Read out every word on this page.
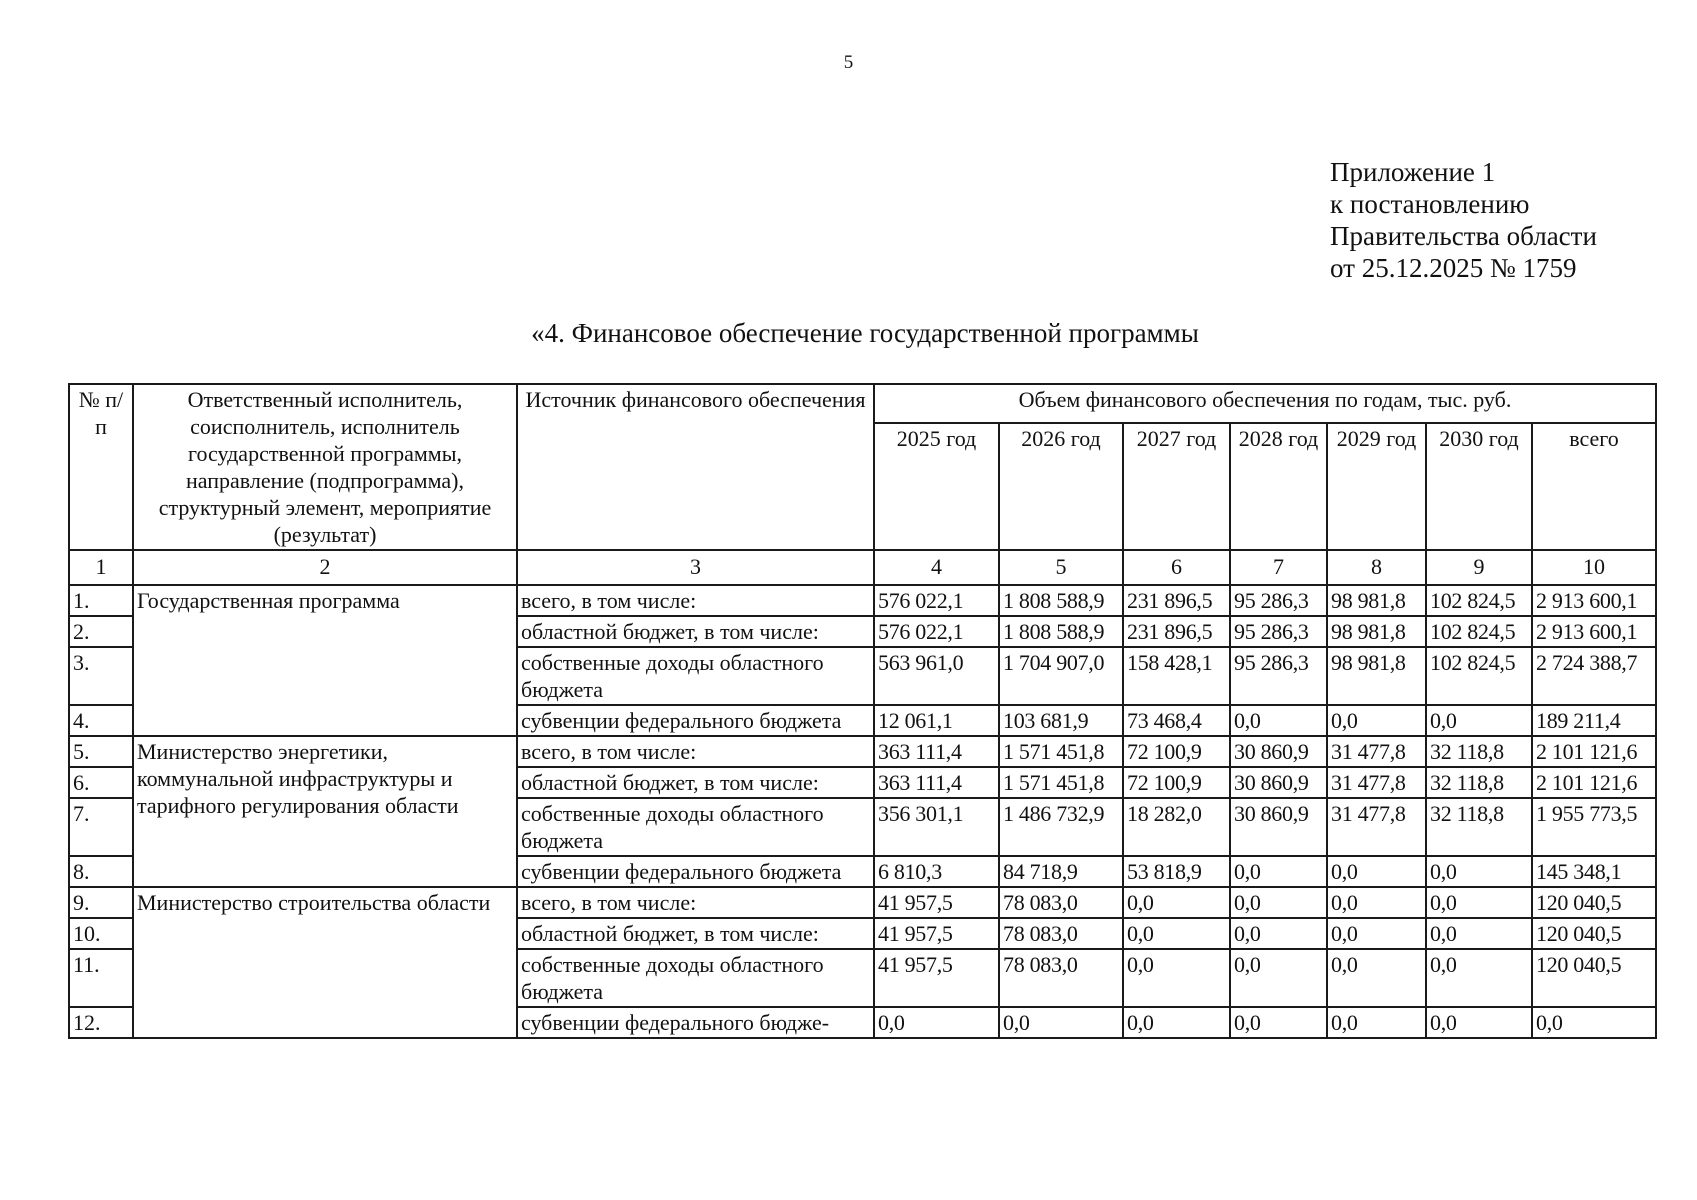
5
Приложение 1
к постановлению
Правительства области
от 25.12.2025 № 1759
«4. Финансовое обеспечение государственной программы
№ п/п	Ответственный исполнитель, соисполнитель, исполнитель государственной программы, направление (подпрограмма), структурный элемент, мероприятие (результат)	Источник финансового обеспечения	Объем финансового обеспечения по годам, тыс. руб.						
			2025 год	2026 год	2027 год	2028 год	2029 год	2030 год	всего
1	2	3	4	5	6	7	8	9	10
1.	Государственная программа	всего, в том числе:	576 022,1	1 808 588,9	231 896,5	95 286,3	98 981,8	102 824,5	2 913 600,1
2.		областной бюджет, в том числе:	576 022,1	1 808 588,9	231 896,5	95 286,3	98 981,8	102 824,5	2 913 600,1
3.		собственные доходы областного бюджета	563 961,0	1 704 907,0	158 428,1	95 286,3	98 981,8	102 824,5	2 724 388,7
4.		субвенции федерального бюджета	12 061,1	103 681,9	73 468,4	0,0	0,0	0,0	189 211,4
5.	Министерство энергетики, коммунальной инфраструктуры и тарифного регулирования области	всего, в том числе:	363 111,4	1 571 451,8	72 100,9	30 860,9	31 477,8	32 118,8	2 101 121,6
6.		областной бюджет, в том числе:	363 111,4	1 571 451,8	72 100,9	30 860,9	31 477,8	32 118,8	2 101 121,6
7.		собственные доходы областного бюджета	356 301,1	1 486 732,9	18 282,0	30 860,9	31 477,8	32 118,8	1 955 773,5
8.		субвенции федерального бюджета	6 810,3	84 718,9	53 818,9	0,0	0,0	0,0	145 348,1
9.	Министерство строительства области	всего, в том числе:	41 957,5	78 083,0	0,0	0,0	0,0	0,0	120 040,5
10.		областной бюджет, в том числе:	41 957,5	78 083,0	0,0	0,0	0,0	0,0	120 040,5
11.		собственные доходы областного бюджета	41 957,5	78 083,0	0,0	0,0	0,0	0,0	120 040,5
12.		субвенции федерального бюдже-	0,0	0,0	0,0	0,0	0,0	0,0	0,0
